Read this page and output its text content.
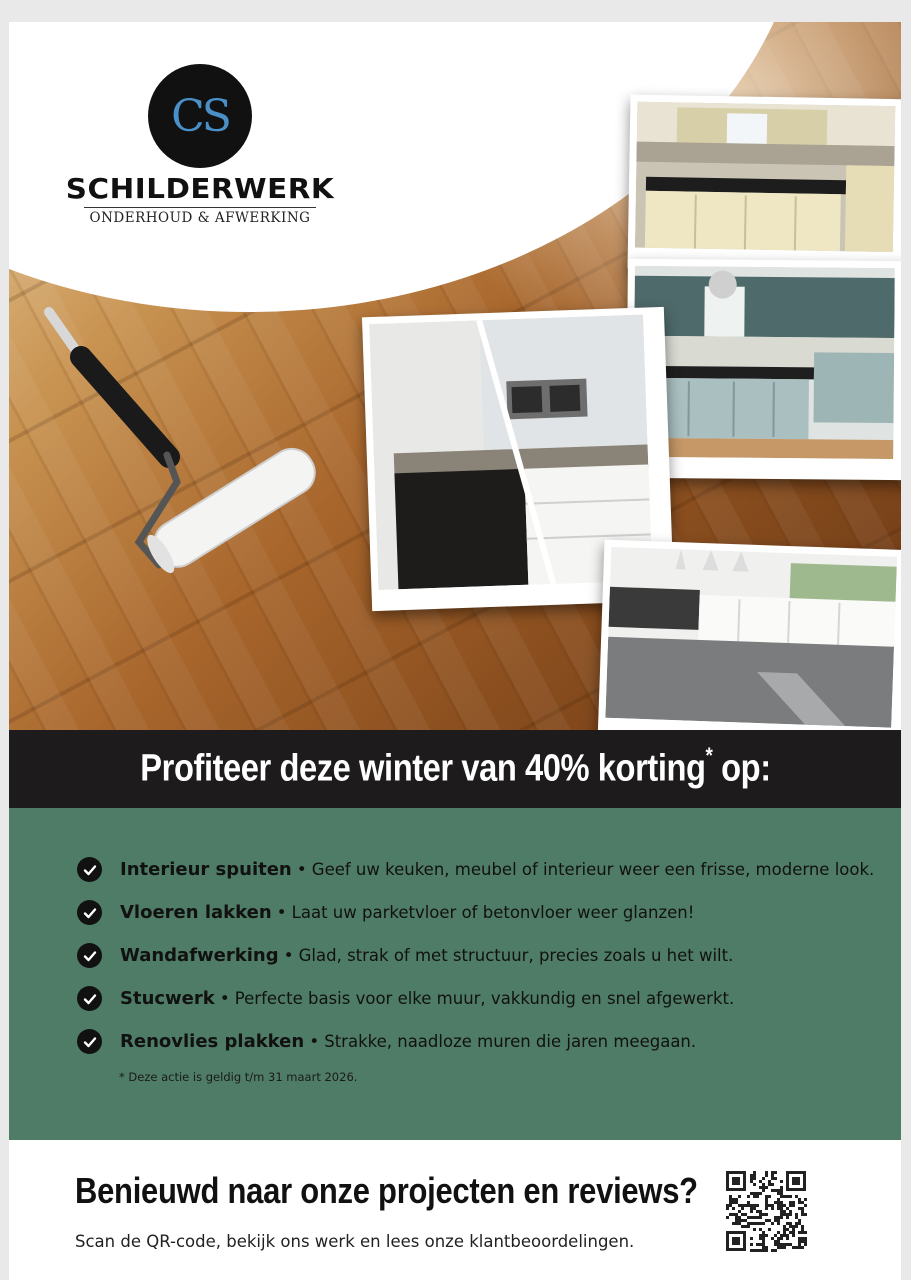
CS
SCHILDERWERK
ONDERHOUD & AFWERKING
Profiteer deze winter van 40% korting* op:
Interieur spuiten • Geef uw keuken, meubel of interieur weer een frisse, moderne look.
Vloeren lakken • Laat uw parketvloer of betonvloer weer glanzen!
Wandafwerking • Glad, strak of met structuur, precies zoals u het wilt.
Stucwerk • Perfecte basis voor elke muur, vakkundig en snel afgewerkt.
Renovlies plakken • Strakke, naadloze muren die jaren meegaan.
* Deze actie is geldig t/m 31 maart 2026.
Benieuwd naar onze projecten en reviews?
Scan de QR-code, bekijk ons werk en lees onze klantbeoordelingen.
